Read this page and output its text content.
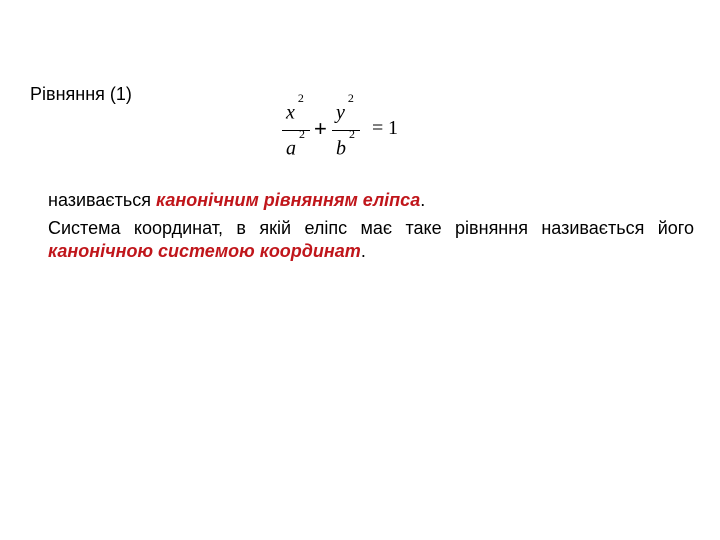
Рівняння (1)

$x^2$
$a^2$ +
$y^2$
$b^2 = 1$

називається канонічним рівнянням еліпса.

Система координат, в якій еліпс має таке рівняння називається його канонічною системою координат.
